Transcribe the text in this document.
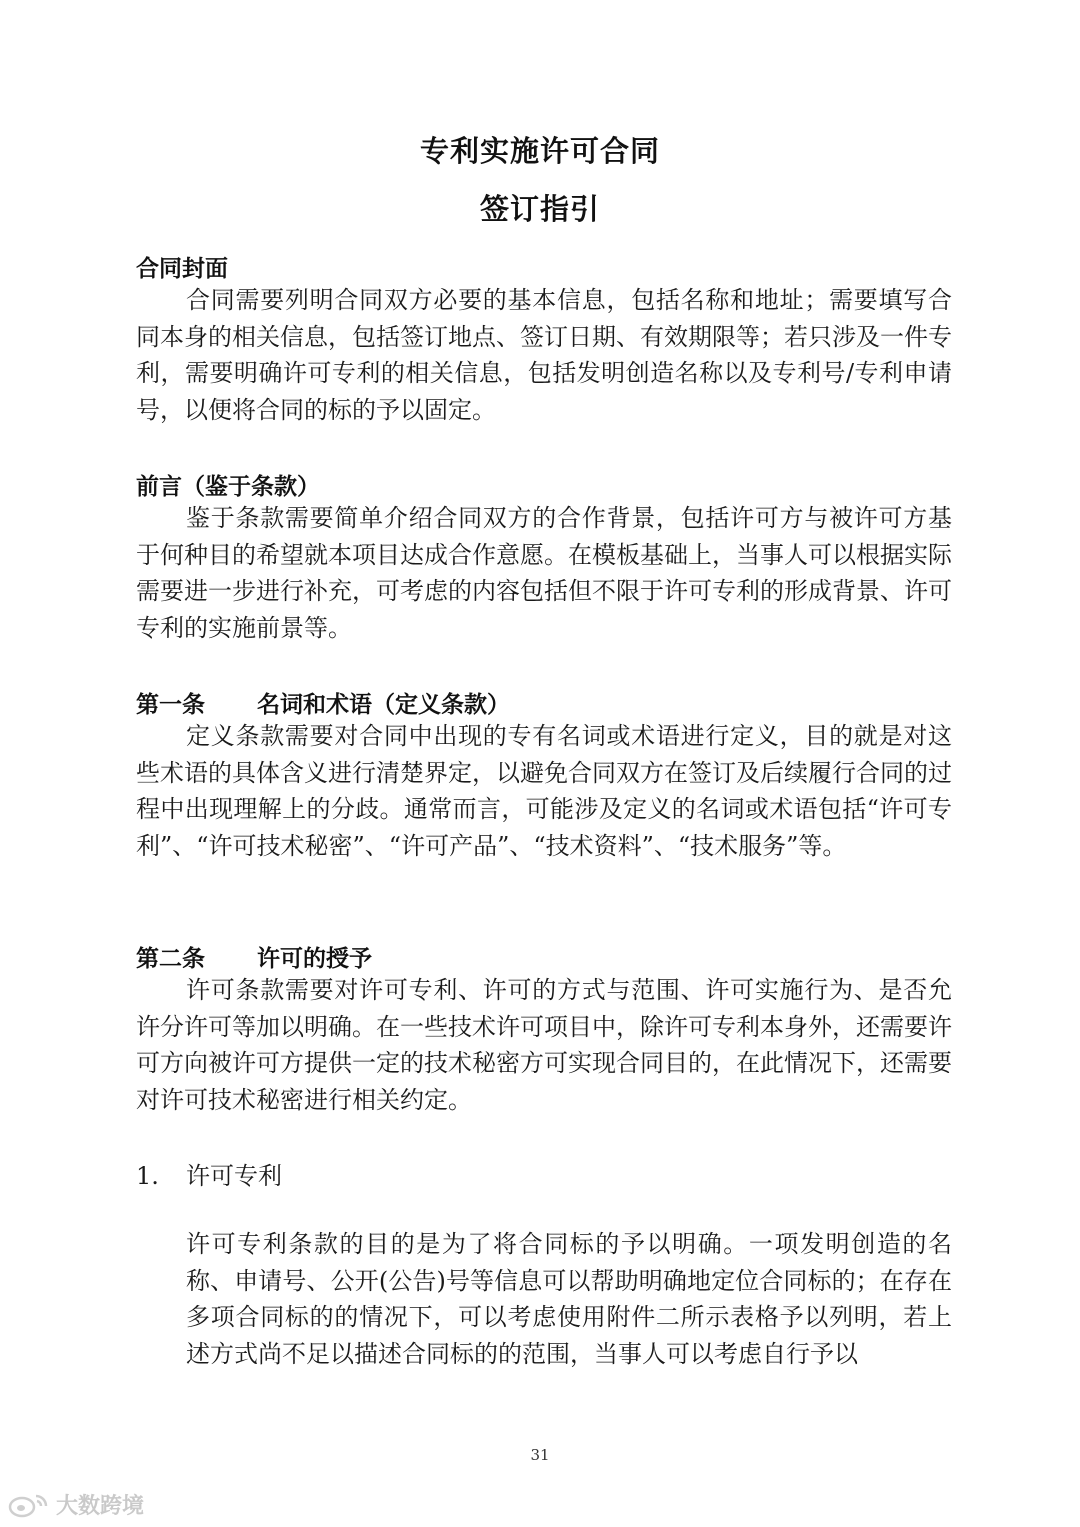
专利实施许可合同
签订指引
合同封面

合同需要列明合同双方必要的基本信息，包括名称和地址；需要填写合同本身的相关信息，包括签订地点、签订日期、有效期限等；若只涉及一件专利，需要明确许可专利的相关信息，包括发明创造名称以及专利号/专利申请号，以便将合同的标的予以固定。

前言（鉴于条款）

鉴于条款需要简单介绍合同双方的合作背景，包括许可方与被许可方基于何种目的希望就本项目达成合作意愿。在模板基础上，当事人可以根据实际需要进一步进行补充，可考虑的内容包括但不限于许可专利的形成背景、许可专利的实施前景等。

第一条 名词和术语（定义条款）

定义条款需要对合同中出现的专有名词或术语进行定义，目的就是对这些术语的具体含义进行清楚界定，以避免合同双方在签订及后续履行合同的过程中出现理解上的分歧。通常而言，可能涉及定义的名词或术语包括“许可专利”、“许可技术秘密”、“许可产品”、“技术资料”、“技术服务”等。

第二条 许可的授予

许可条款需要对许可专利、许可的方式与范围、许可实施行为、是否允许分许可等加以明确。在一些技术许可项目中，除许可专利本身外，还需要许可方向被许可方提供一定的技术秘密方可实现合同目的，在此情况下，还需要对许可技术秘密进行相关约定。

1. 许可专利

许可专利条款的目的是为了将合同标的予以明确。一项发明创造的名称、申请号、公开(公告)号等信息可以帮助明确地定位合同标的；在存在多项合同标的的情况下，可以考虑使用附件二所示表格予以列明，若上述方式尚不足以描述合同标的的范围，当事人可以考虑自行予以

31
大数跨境
